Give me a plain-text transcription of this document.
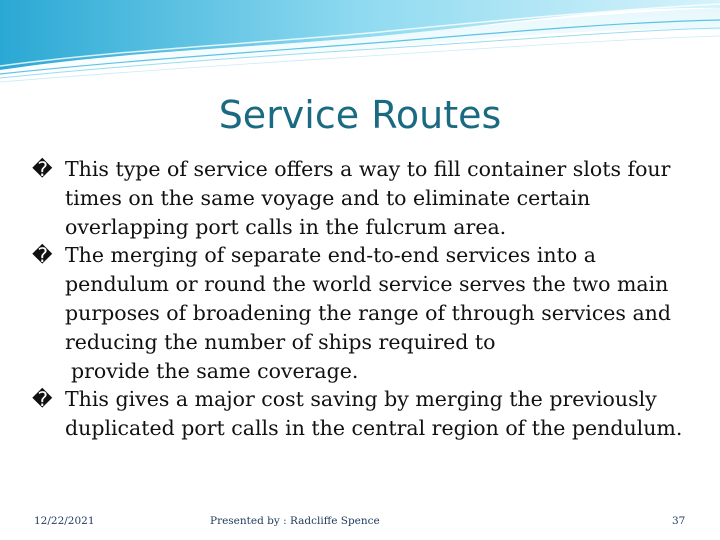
Service Routes

� This type of service offers a way to fill container slots four times on the same voyage and to eliminate certain overlapping port calls in the fulcrum area.

� The merging of separate end-to-end services into a pendulum or round the world service serves the two main purposes of broadening the range of through services and reducing the number of ships required to
provide the same coverage.

� This gives a major cost saving by merging the previously duplicated port calls in the central region of the pendulum.

12/22/2021	Presented by : Radcliffe Spence	37
